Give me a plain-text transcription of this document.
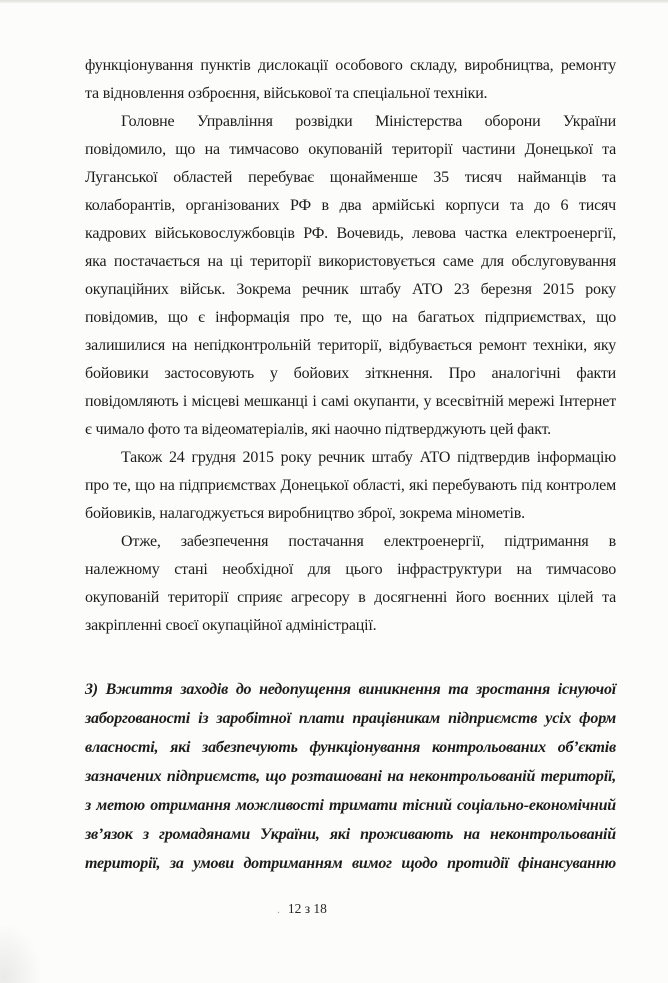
функціонування пунктів дислокації особового складу, виробництва, ремонту
та відновлення озброєння, військової та спеціальної техніки.
Головне Управління розвідки Міністерства оборони України
повідомило, що на тимчасово окупованій території частини Донецької та
Луганської областей перебуває щонайменше 35 тисяч найманців та
колаборантів, організованих РФ в два армійські корпуси та до 6 тисяч
кадрових військовослужбовців РФ. Вочевидь, левова частка електроенергії,
яка постачається на ці території використовується саме для обслуговування
окупаційних військ. Зокрема речник штабу АТО 23 березня 2015 року
повідомив, що є інформація про те, що на багатьох підприємствах, що
залишилися на непідконтрольній території, відбувається ремонт техніки, яку
бойовики застосовують у бойових зіткнення. Про аналогічні факти
повідомляють і місцеві мешканці і самі окупанти, у всесвітній мережі Інтернет
є чимало фото та відеоматеріалів, які наочно підтверджують цей факт.
Також 24 грудня 2015 року речник штабу АТО підтвердив інформацію
про те, що на підприємствах Донецької області, які перебувають під контролем
бойовиків, налагоджується виробництво зброї, зокрема мінометів.
Отже, забезпечення постачання електроенергії, підтримання в
належному стані необхідної для цього інфраструктури на тимчасово
окупованій території сприяє агресору в досягненні його воєнних цілей та
закріпленні своєї окупаційної адміністрації.
3) Вжиття заходів до недопущення виникнення та зростання існуючої
заборгованості із заробітної плати працівникам підприємств усіх форм
власності, які забезпечують функціонування контрольованих об’єктів
зазначених підприємств, що розташовані на неконтрольованій території,
з метою отримання можливості тримати тісний соціально-економічний
зв’язок з громадянами України, які проживають на неконтрольованій
території, за умови дотриманням вимог щодо протидії фінансуванню
. 12 з 18
